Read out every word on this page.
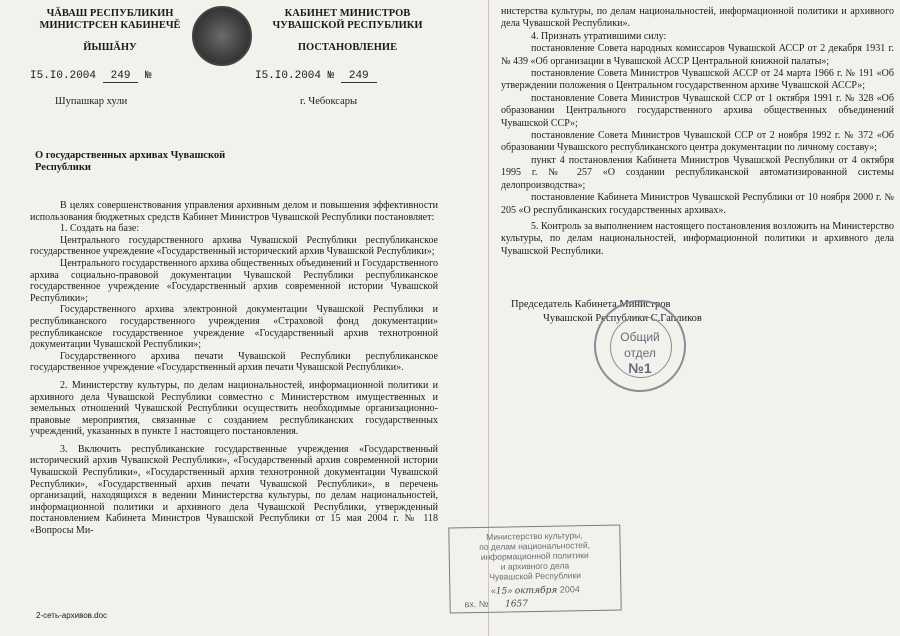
ЧĂВАШ РЕСПУБЛИКИН
МИНИСТРСЕН КАБИНЕЧĔ
ЙЫШĂНУ
КАБИНЕТ МИНИСТРОВ
ЧУВАШСКОЙ РЕСПУБЛИКИ
ПОСТАНОВЛЕНИЕ
I5.I0.2004 249 №	I5.I0.2004 № 249
Шупашкар хули	г. Чебоксары
О государственных архивах Чувашской Республики

В целях совершенствования управления архивным делом и повышения эффективности использования бюджетных средств Кабинет Министров Чувашской Республики постановляет:

1. Создать на базе:

Центрального государственного архива Чувашской Республики республиканское государственное учреждение «Государственный исторический архив Чувашской Республики»;

Центрального государственного архива общественных объединений и Государственного архива социально-правовой документации Чувашской Республики республиканское государственное учреждение «Государственный архив современной истории Чувашской Республики»;

Государственного архива электронной документации Чувашской Республики и республиканского государственного учреждения «Страховой фонд документации» республиканское государственное учреждение «Государственный архив технотронной документации Чувашской Республики»;

Государственного архива печати Чувашской Республики республиканское государственное учреждение «Государственный архив печати Чувашской Республики».

2. Министерству культуры, по делам национальностей, информационной политики и архивного дела Чувашской Республики совместно с Министерством имущественных и земельных отношений Чувашской Республики осуществить необходимые организационно-правовые мероприятия, связанные с созданием республиканских государственных учреждений, указанных в пункте 1 настоящего постановления.

3. Включить республиканские государственные учреждения «Государственный исторический архив Чувашской Республики», «Государственный архив современной истории Чувашской Республики», «Государственный архив технотронной документации Чувашской Республики», «Государственный архив печати Чувашской Республики», в перечень организаций, находящихся в ведении Министерства культуры, по делам национальностей, информационной политики и архивного дела Чувашской Республики, утвержденный постановлением Кабинета Министров Чувашской Республики от 15 мая 2004 г. № 118 «Вопросы Ми-

2-сеть-архивов.doc

нистерства культуры, по делам национальностей, информационной политики и архивного дела Чувашской Республики».

4. Признать утратившими силу:

постановление Совета народных комиссаров Чувашской АССР от 2 декабря 1931 г. № 439 «Об организации в Чувашской АССР Центральной книжной палаты»;

постановление Совета Министров Чувашской АССР от 24 марта 1966 г. № 191 «Об утверждении положения о Центральном государственном архиве Чувашской АССР»;

постановление Совета Министров Чувашской ССР от 1 октября 1991 г. № 328 «Об образовании Центрального государственного архива общественных объединений Чувашской ССР»;

постановление Совета Министров Чувашской ССР от 2 ноября 1992 г. № 372 «Об образовании Чувашского республиканского центра документации по личному составу»;

пункт 4 постановления Кабинета Министров Чувашской Республики от 4 октября 1995 г. № 257 «О создании республиканской автоматизированной системы делопроизводства»;

постановление Кабинета Министров Чувашской Республики от 10 ноября 2000 г. № 205 «О республиканских государственных архивах».

5. Контроль за выполнением настоящего постановления возложить на Министерство культуры, по делам национальностей, информационной политики и архивного дела Чувашской Республики.

Председатель Кабинета Министров
Чувашской Республики С.Гапликов
Общий
отдел
№1
Министерство культуры,
по делам национальностей,
информационной политики
и архивного дела
Чувашской Республики
«15» октября 2004
вх. № 1657
